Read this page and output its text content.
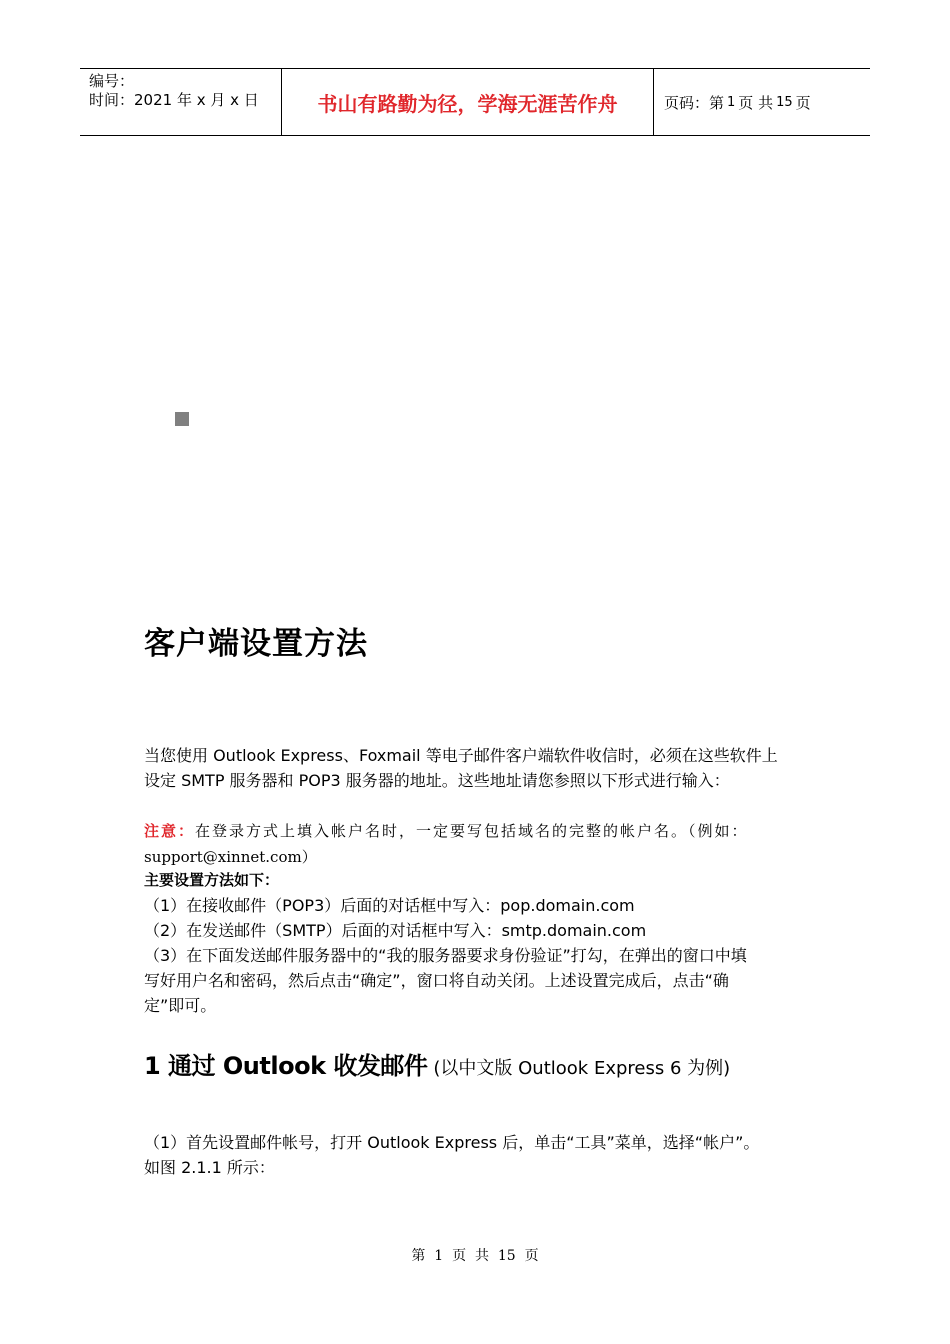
编号：
时间：2021 年 x 月 x 日	书山有路勤为径，学海无涯苦作舟	页码：第 1 页 共 15 页
客户端设置方法

当您使用 Outlook Express、Foxmail 等电子邮件客户端软件收信时，必须在这些软件上
设定 SMTP 服务器和 POP3 服务器的地址。这些地址请您参照以下形式进行输入：

注意：在登录方式上填入帐户名时，一定要写包括域名的完整的帐户名。（例如：
support@xinnet.com）

主要设置方法如下：

（1）在接收邮件（POP3）后面的对话框中写入：pop.domain.com
（2）在发送邮件（SMTP）后面的对话框中写入：smtp.domain.com
（3）在下面发送邮件服务器中的“我的服务器要求身份验证”打勾，在弹出的窗口中填
写好用户名和密码，然后点击“确定”，窗口将自动关闭。上述设置完成后，点击“确
定”即可。

1 通过 Outlook 收发邮件 (以中文版 Outlook Express 6 为例)

（1）首先设置邮件帐号，打开 Outlook Express 后，单击“工具”菜单，选择“帐户”。
如图 2.1.1 所示：

第  1  页  共  15  页
